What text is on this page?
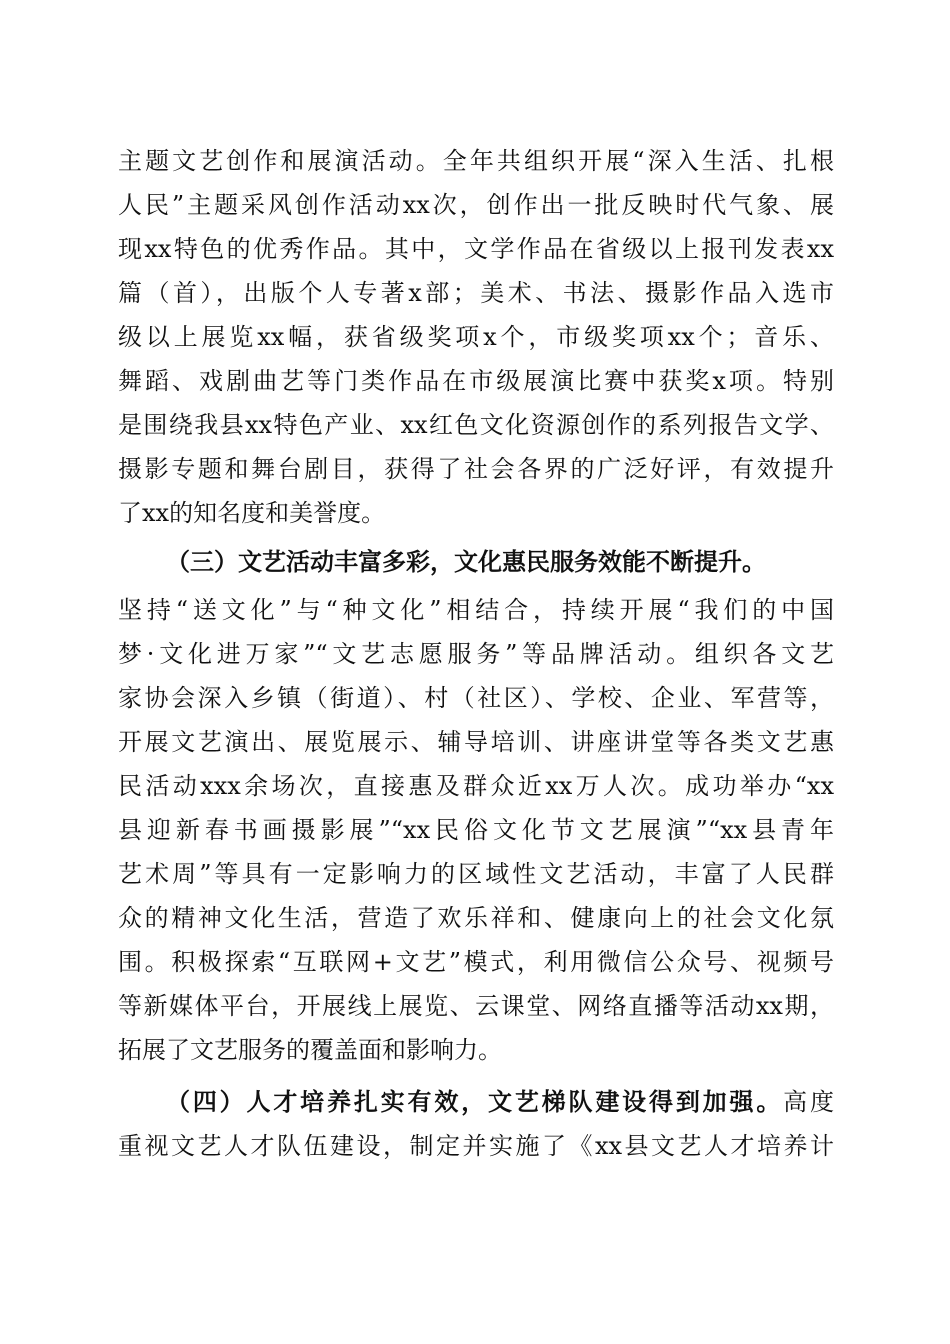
主题文艺创作和展演活动。全年共组织开展“深入生活、扎根
人民”主题采风创作活动xx次，创作出一批反映时代气象、展
现xx特色的优秀作品。其中，文学作品在省级以上报刊发表xx
篇（首），出版个人专著x部；美术、书法、摄影作品入选市
级以上展览xx幅，获省级奖项x个，市级奖项xx个；音乐、
舞蹈、戏剧曲艺等门类作品在市级展演比赛中获奖x项。特别
是围绕我县xx特色产业、xx红色文化资源创作的系列报告文学、
摄影专题和舞台剧目，获得了社会各界的广泛好评，有效提升
了xx的知名度和美誉度。
（三）文艺活动丰富多彩，文化惠民服务效能不断提升。
坚持“送文化”与“种文化”相结合，持续开展“我们的中国
梦·文化进万家”“文艺志愿服务”等品牌活动。组织各文艺
家协会深入乡镇（街道）、村（社区）、学校、企业、军营等，
开展文艺演出、展览展示、辅导培训、讲座讲堂等各类文艺惠
民活动xxx余场次，直接惠及群众近xx万人次。成功举办“xx
县迎新春书画摄影展”“xx民俗文化节文艺展演”“xx县青年
艺术周”等具有一定影响力的区域性文艺活动，丰富了人民群
众的精神文化生活，营造了欢乐祥和、健康向上的社会文化氛
围。积极探索“互联网+文艺”模式，利用微信公众号、视频号
等新媒体平台，开展线上展览、云课堂、网络直播等活动xx期，
拓展了文艺服务的覆盖面和影响力。
（四）人才培养扎实有效，文艺梯队建设得到加强。高度
重视文艺人才队伍建设，制定并实施了《xx县文艺人才培养计
